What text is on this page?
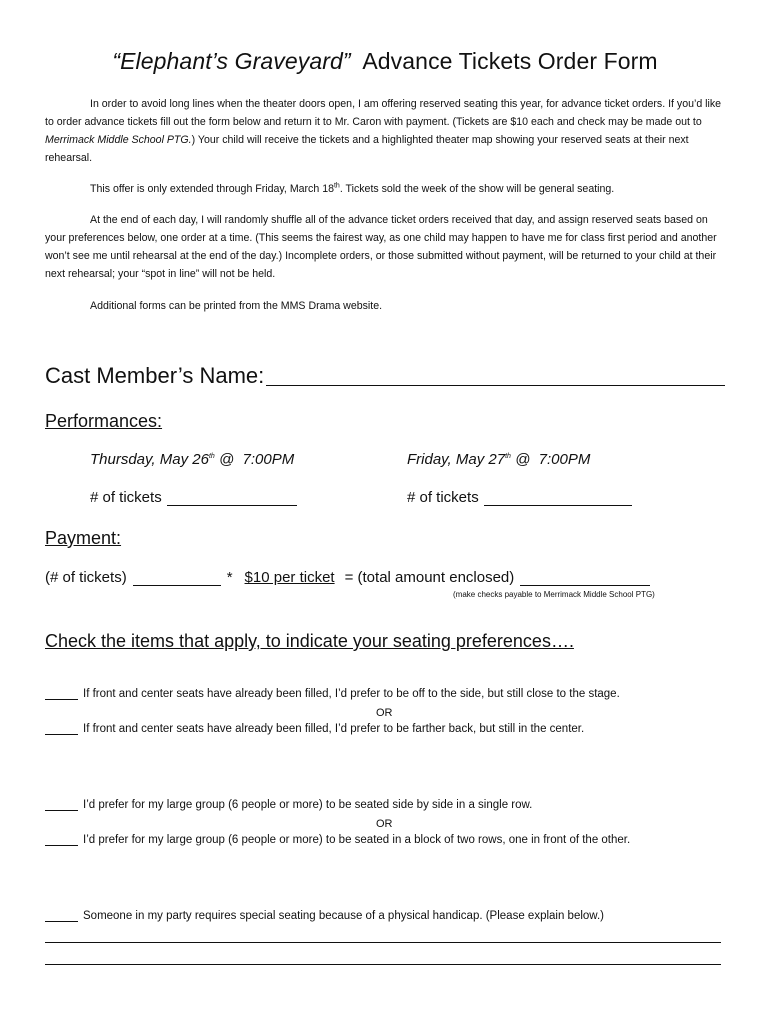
“Elephant’s Graveyard”  Advance Tickets Order Form

In order to avoid long lines when the theater doors open, I am offering reserved seating this year, for advance ticket orders. If you’d like to order advance tickets fill out the form below and return it to Mr. Caron with payment. (Tickets are $10 each and check may be made out to Merrimack Middle School PTG.) Your child will receive the tickets and a highlighted theater map showing your reserved seats at their next rehearsal.

This offer is only extended through Friday, March 18th. Tickets sold the week of the show will be general seating.

At the end of each day, I will randomly shuffle all of the advance ticket orders received that day, and assign reserved seats based on your preferences below, one order at a time. (This seems the fairest way, as one child may happen to have me for class first period and another won’t see me until rehearsal at the end of the day.) Incomplete orders, or those submitted without payment, will be returned to your child at their next rehearsal; your “spot in line” will not be held.

Additional forms can be printed from the MMS Drama website.

Cast Member’s Name:
Performances:
Thursday, May 26th @  7:00PM	Friday, May 27th @  7:00PM
# of tickets	# of tickets
Payment:
(# of tickets)	* $10 per ticket = (total amount enclosed)
(make checks payable to Merrimack Middle School PTG)
Check the items that apply, to indicate your seating preferences….
If front and center seats have already been filled, I’d prefer to be off to the side, but still close to the stage.
OR
If front and center seats have already been filled, I’d prefer to be farther back, but still in the center.
I’d prefer for my large group (6 people or more) to be seated side by side in a single row.
OR
I’d prefer for my large group (6 people or more) to be seated in a block of two rows, one in front of the other.
Someone in my party requires special seating because of a physical handicap. (Please explain below.)
